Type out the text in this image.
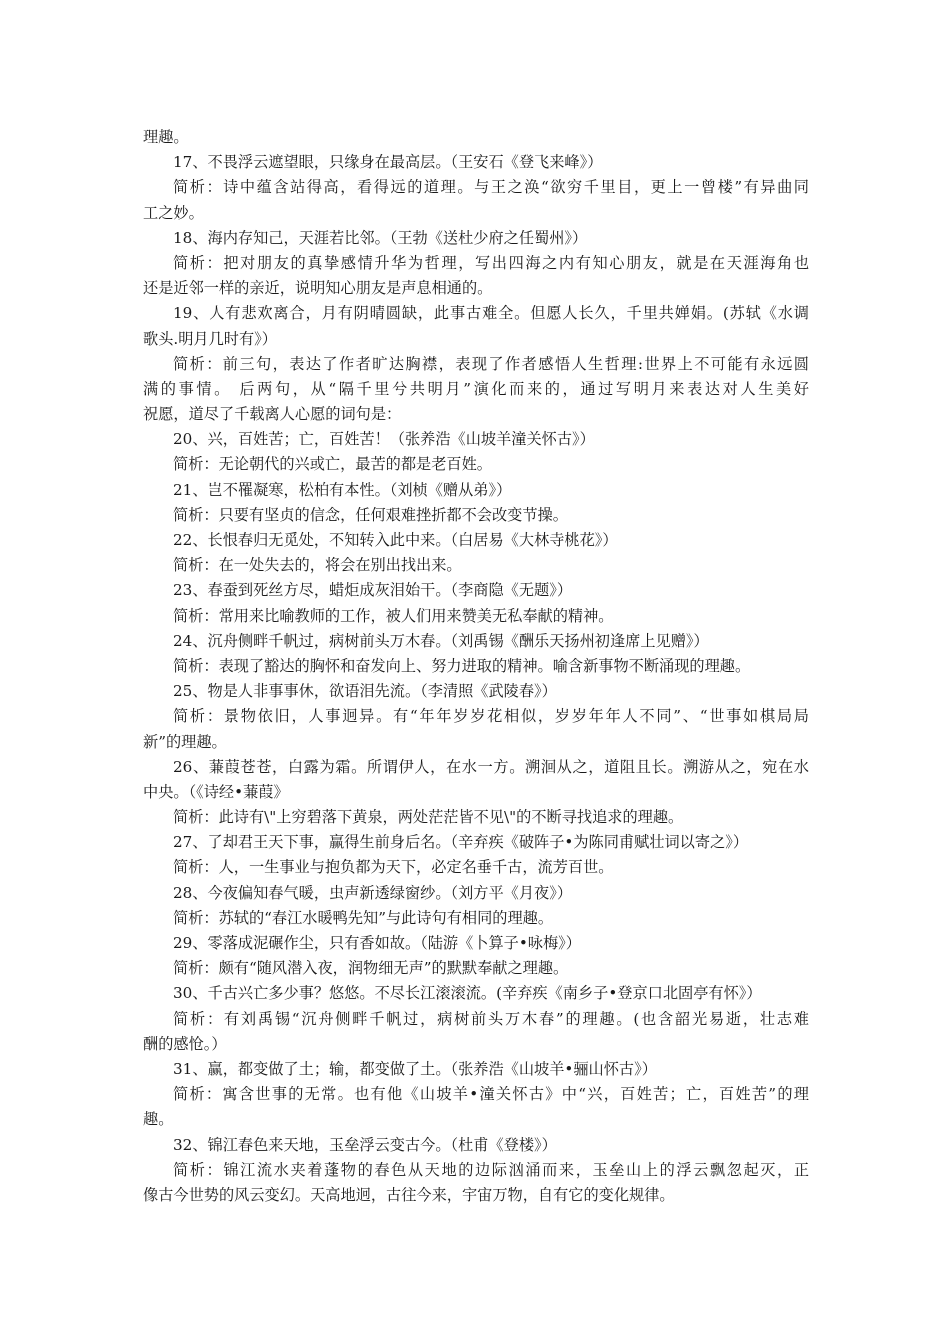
理趣。
17、不畏浮云遮望眼，只缘身在最高层。（王安石《登飞来峰》）
简析：诗中蕴含站得高，看得远的道理。与王之涣“欲穷千里目，更上一曾楼”有异曲同
工之妙。
18、海内存知己，天涯若比邻。（王勃《送杜少府之任蜀州》）
简析：把对朋友的真挚感情升华为哲理，写出四海之内有知心朋友，就是在天涯海角也
还是近邻一样的亲近，说明知心朋友是声息相通的。
19、人有悲欢离合，月有阴晴圆缺，此事古难全。但愿人长久，千里共婵娟。(苏轼《水调
歌头.明月几时有》）
简析：前三句，表达了作者旷达胸襟，表现了作者感悟人生哲理:世界上不可能有永远圆
满的事情。 后两句，从“隔千里兮共明月”演化而来的，通过写明月来表达对人生美好
祝愿，道尽了千载离人心愿的词句是：
20、兴，百姓苦；亡，百姓苦！（张养浩《山坡羊潼关怀古》）
简析：无论朝代的兴或亡，最苦的都是老百姓。
21、岂不罹凝寒，松柏有本性。（刘桢《赠从弟》）
简析：只要有坚贞的信念，任何艰难挫折都不会改变节操。
22、长恨春归无觅处，不知转入此中来。（白居易《大林寺桃花》）
简析：在一处失去的，将会在别出找出来。
23、春蚕到死丝方尽，蜡炬成灰泪始干。（李商隐《无题》）
简析：常用来比喻教师的工作，被人们用来赞美无私奉献的精神。
24、沉舟侧畔千帆过，病树前头万木春。（刘禹锡《酬乐天扬州初逢席上见赠》）
简析：表现了豁达的胸怀和奋发向上、努力进取的精神。喻含新事物不断涌现的理趣。
25、物是人非事事休，欲语泪先流。（李清照《武陵春》）
简析：景物依旧，人事迥异。有“年年岁岁花相似，岁岁年年人不同”、“世事如棋局局
新”的理趣。
26、蒹葭苍苍，白露为霜。所谓伊人，在水一方。溯洄从之，道阻且长。溯游从之，宛在水
中央。（《诗经•蒹葭》
简析：此诗有\"上穷碧落下黄泉，两处茫茫皆不见\"的不断寻找追求的理趣。
27、了却君王天下事，赢得生前身后名。（辛弃疾《破阵子•为陈同甫赋壮词以寄之》）
简析：人，一生事业与抱负都为天下，必定名垂千古，流芳百世。
28、今夜偏知春气暖，虫声新透绿窗纱。（刘方平《月夜》）
简析：苏轼的“春江水暖鸭先知”与此诗句有相同的理趣。
29、零落成泥碾作尘，只有香如故。（陆游《卜算子•咏梅》）
简析：颇有“随风潜入夜，润物细无声”的默默奉献之理趣。
30、千古兴亡多少事？悠悠。不尽长江滚滚流。(辛弃疾《南乡子•登京口北固亭有怀》）
简析：有刘禹锡“沉舟侧畔千帆过，病树前头万木春”的理趣。(也含韶光易逝，壮志难
酬的感怆。）
31、赢，都变做了土；输，都变做了土。（张养浩《山坡羊•骊山怀古》）
简析：寓含世事的无常。也有他《山坡羊•潼关怀古》中“兴，百姓苦；亡，百姓苦”的理
趣。
32、锦江春色来天地，玉垒浮云变古今。（杜甫《登楼》）
简析：锦江流水夹着蓬物的春色从天地的边际汹涌而来，玉垒山上的浮云飘忽起灭，正
像古今世势的风云变幻。天高地迥，古往今来，宇宙万物，自有它的变化规律。
